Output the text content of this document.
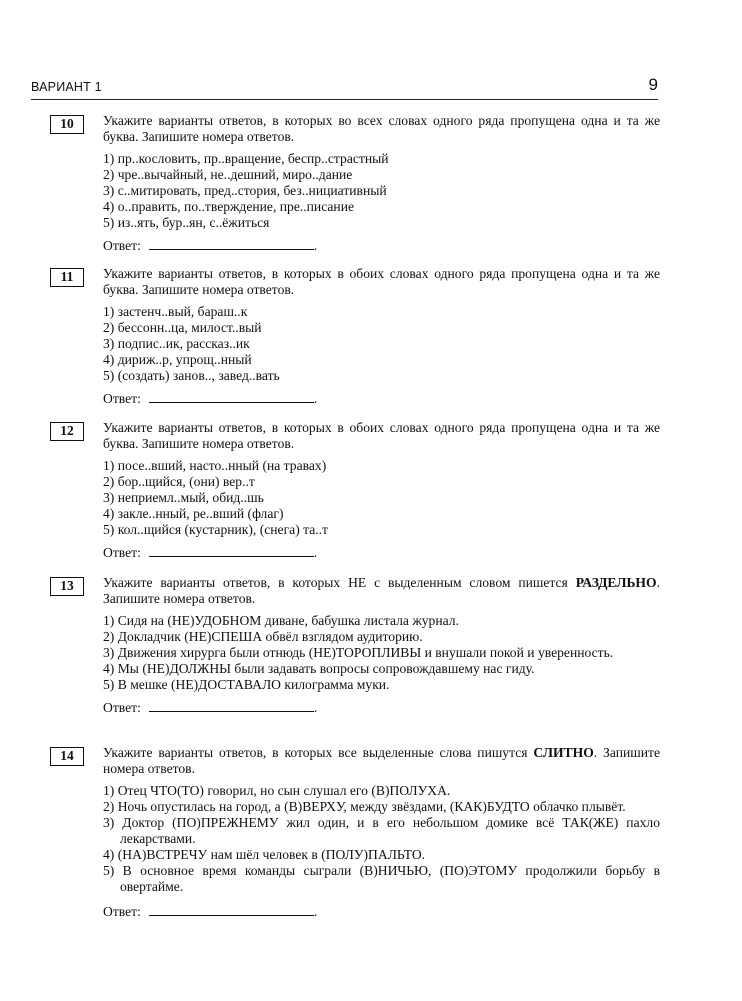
ВАРИАНТ 1	9
10	Укажите варианты ответов, в которых во всех словах одного ряда пропущена одна и та же буква. Запишите номера ответов.

1) пр..кословить, пр..вращение, беспр..страстный
2) чре..вычайный, не..дешний, миро..дание
3) с..митировать, пред..стория, без..нициативный
4) о..править, по..тверждение, пре..писание
5) из..ять, бур..ян, с..ёжиться
Ответ:	.
11	Укажите варианты ответов, в которых в обоих словах одного ряда пропущена одна и та же буква. Запишите номера ответов.

1) застенч..вый, бараш..к
2) бессонн..ца, милост..вый
3) подпис..ик, рассказ..ик
4) дириж..р, упрощ..нный
5) (создать) занов.., завед..вать
Ответ:	.
12	Укажите варианты ответов, в которых в обоих словах одного ряда пропущена одна и та же буква. Запишите номера ответов.

1) посе..вший, насто..нный (на травах)
2) бор..щийся, (они) вер..т
3) неприемл..мый, обид..шь
4) закле..нный, ре..вший (флаг)
5) кол..щийся (кустарник), (снега) та..т
Ответ:	.
13	Укажите варианты ответов, в которых НЕ с выделенным словом пишется РАЗДЕЛЬНО. Запишите номера ответов.

1) Сидя на (НЕ)УДОБНОМ диване, бабушка листала журнал.
2) Докладчик (НЕ)СПЕША обвёл взглядом аудиторию.
3) Движения хирурга были отнюдь (НЕ)ТОРОПЛИВЫ и внушали покой и уверенность.
4) Мы (НЕ)ДОЛЖНЫ были задавать вопросы сопровождавшему нас гиду.
5) В мешке (НЕ)ДОСТАВАЛО килограмма муки.
Ответ:	.
14	Укажите варианты ответов, в которых все выделенные слова пишутся СЛИТНО. Запишите номера ответов.

1) Отец ЧТО(ТО) говорил, но сын слушал его (В)ПОЛУХА.
2) Ночь опустилась на город, а (В)ВЕРХУ, между звёздами, (КАК)БУДТО облачко плывёт.
3) Доктор (ПО)ПРЕЖНЕМУ жил один, и в его небольшом домике всё ТАК(ЖЕ) пахло лекарствами.
4) (НА)ВСТРЕЧУ нам шёл человек в (ПОЛУ)ПАЛЬТО.
5) В основное время команды сыграли (В)НИЧЬЮ, (ПО)ЭТОМУ продолжили борьбу в овертайме.
Ответ:	.
